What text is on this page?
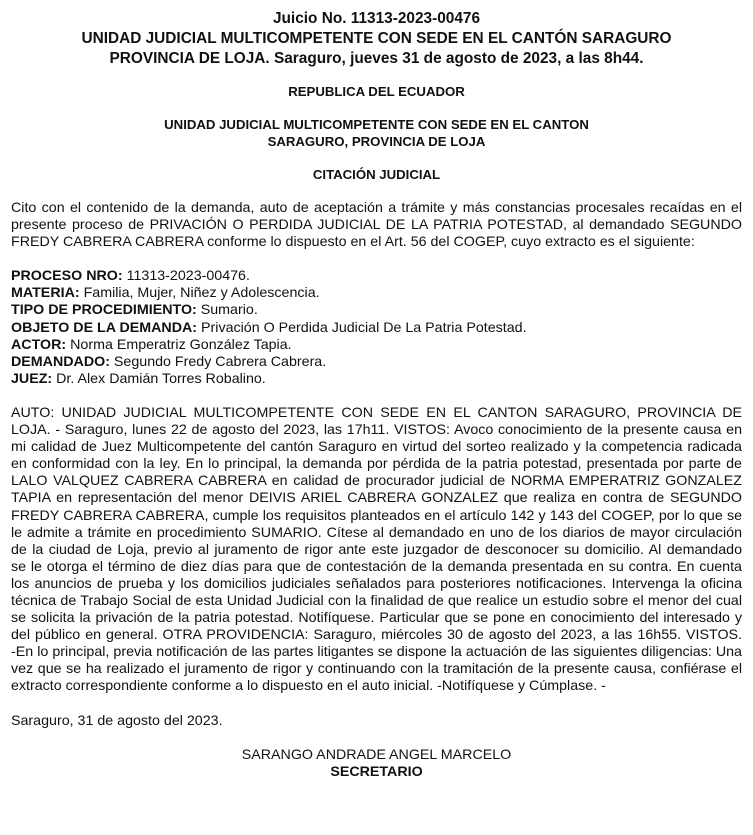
Juicio No. 11313-2023-00476
UNIDAD JUDICIAL MULTICOMPETENTE CON SEDE EN EL CANTÓN SARAGURO
PROVINCIA DE LOJA. Saraguro, jueves 31 de agosto de 2023, a las 8h44.
REPUBLICA DEL ECUADOR
UNIDAD JUDICIAL MULTICOMPETENTE CON SEDE EN EL CANTON
SARAGURO, PROVINCIA DE LOJA
CITACIÓN JUDICIAL
Cito con el contenido de la demanda, auto de aceptación a trámite y más constancias procesales recaídas en el
presente proceso de PRIVACIÓN O PERDIDA JUDICIAL DE LA PATRIA POTESTAD, al demandado SEGUNDO
FREDY CABRERA CABRERA conforme lo dispuesto en el Art. 56 del COGEP, cuyo extracto es el siguiente:
PROCESO NRO: 11313-2023-00476.
MATERIA: Familia, Mujer, Niñez y Adolescencia.
TIPO DE PROCEDIMIENTO: Sumario.
OBJETO DE LA DEMANDA: Privación O Perdida Judicial De La Patria Potestad.
ACTOR: Norma Emperatriz González Tapia.
DEMANDADO: Segundo Fredy Cabrera Cabrera.
JUEZ: Dr. Alex Damián Torres Robalino.
AUTO: UNIDAD JUDICIAL MULTICOMPETENTE CON SEDE EN EL CANTON SARAGURO, PROVINCIA DE
LOJA. - Saraguro, lunes 22 de agosto del 2023, las 17h11. VISTOS: Avoco conocimiento de la presente causa en
mi calidad de Juez Multicompetente del cantón Saraguro en virtud del sorteo realizado y la competencia radicada
en conformidad con la ley. En lo principal, la demanda por pérdida de la patria potestad, presentada por parte de
LALO VALQUEZ CABRERA CABRERA en calidad de procurador judicial de NORMA EMPERATRIZ GONZALEZ
TAPIA en representación del menor DEIVIS ARIEL CABRERA GONZALEZ que realiza en contra de SEGUNDO
FREDY CABRERA CABRERA, cumple los requisitos planteados en el artículo 142 y 143 del COGEP, por lo que se
le admite a trámite en procedimiento SUMARIO. Cítese al demandado en uno de los diarios de mayor circulación
de la ciudad de Loja, previo al juramento de rigor ante este juzgador de desconocer su domicilio. Al demandado
se le otorga el término de diez días para que de contestación de la demanda presentada en su contra. En cuenta
los anuncios de prueba y los domicilios judiciales señalados para posteriores notificaciones. Intervenga la oficina
técnica de Trabajo Social de esta Unidad Judicial con la finalidad de que realice un estudio sobre el menor del cual
se solicita la privación de la patria potestad. Notifíquese. Particular que se pone en conocimiento del interesado y
del público en general. OTRA PROVIDENCIA: Saraguro, miércoles 30 de agosto del 2023, a las 16h55. VISTOS.
-En lo principal, previa notificación de las partes litigantes se dispone la actuación de las siguientes diligencias: Una
vez que se ha realizado el juramento de rigor y continuando con la tramitación de la presente causa, confiérase el
extracto correspondiente conforme a lo dispuesto en el auto inicial. -Notifíquese y Cúmplase. -
Saraguro, 31 de agosto del 2023.
SARANGO ANDRADE ANGEL MARCELO
SECRETARIO
